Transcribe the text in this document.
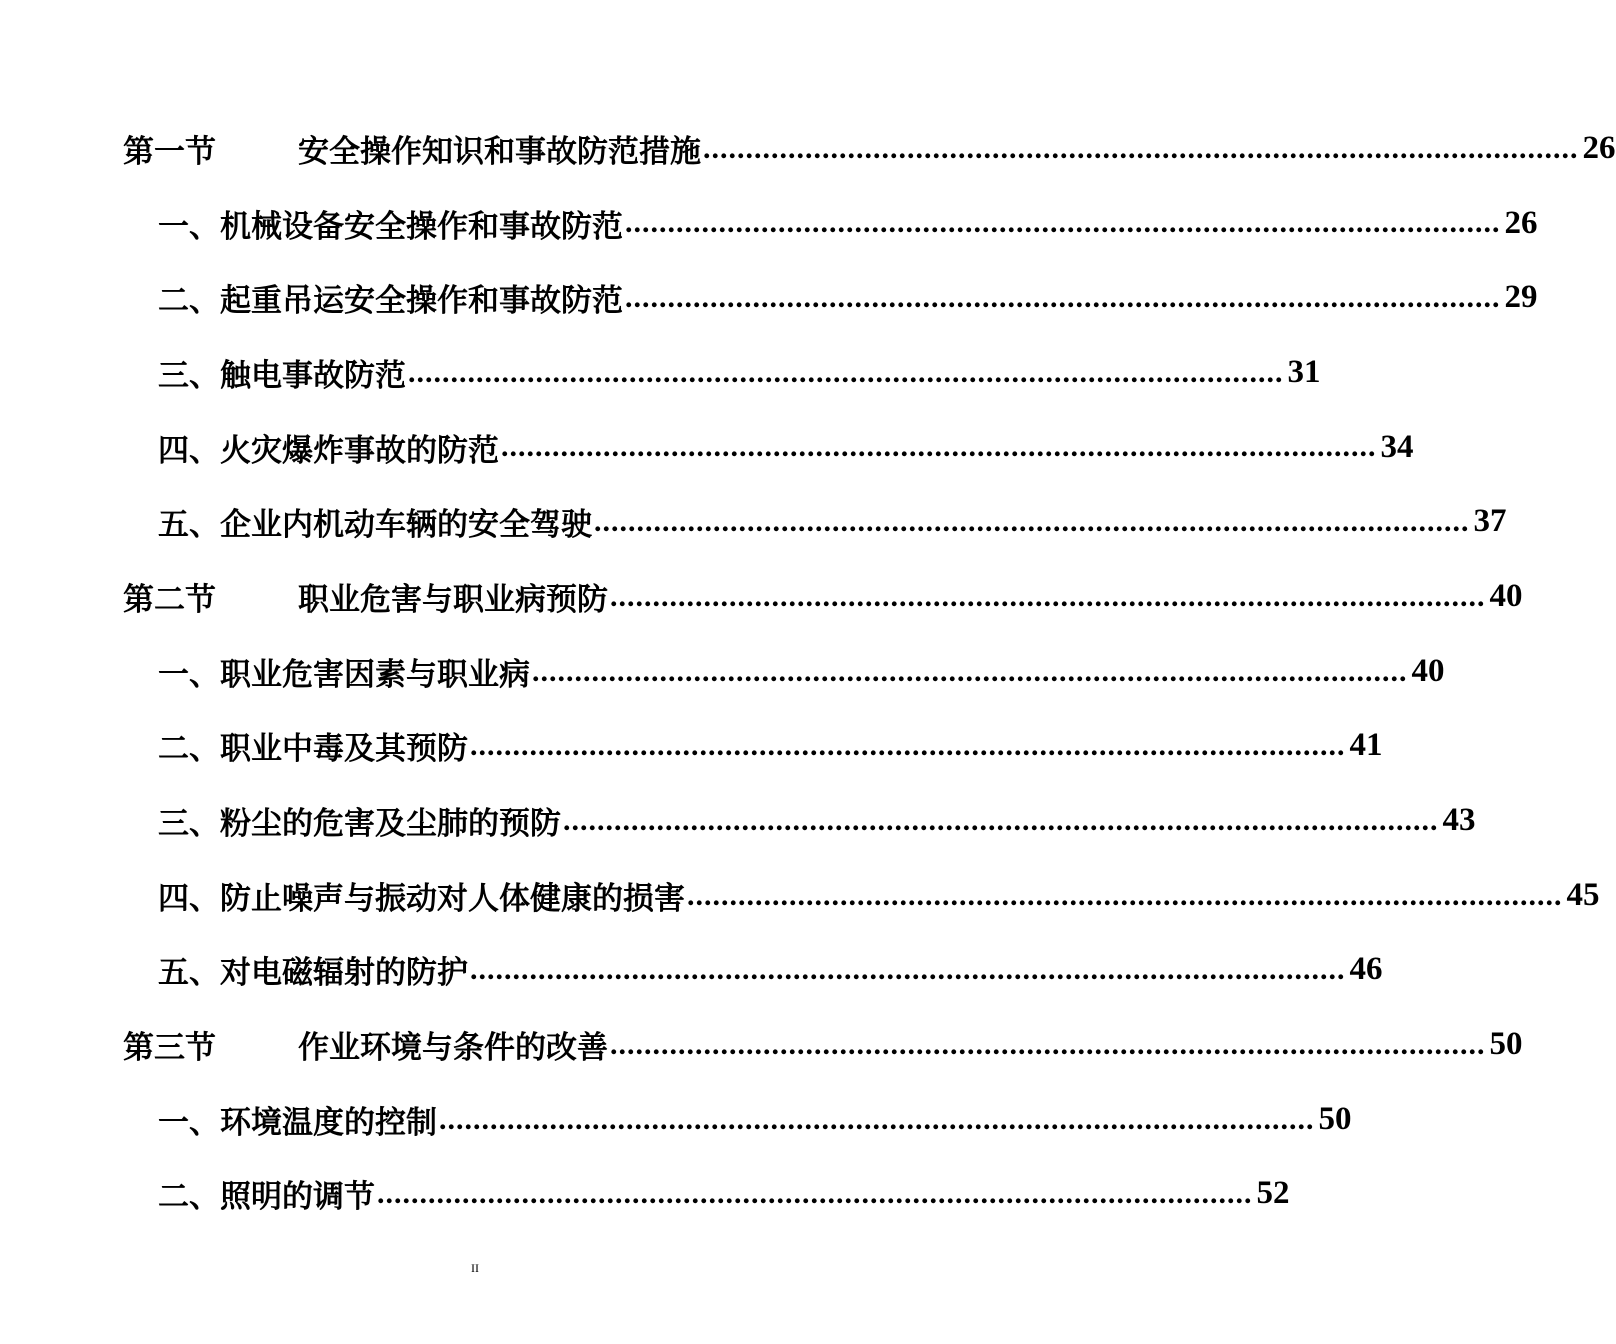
第一节	安全操作知识和事故防范措施 ....................................................................................................... 26
一、机械设备安全操作和事故防范 ....................................................................................................... 26
二、起重吊运安全操作和事故防范 ....................................................................................................... 29
三、触电事故防范 ....................................................................................................... 31
四、火灾爆炸事故的防范 ....................................................................................................... 34
五、企业内机动车辆的安全驾驶 ....................................................................................................... 37
第二节	职业危害与职业病预防 ....................................................................................................... 40
一、职业危害因素与职业病 ....................................................................................................... 40
二、职业中毒及其预防 ....................................................................................................... 41
三、粉尘的危害及尘肺的预防 ....................................................................................................... 43
四、防止噪声与振动对人体健康的损害 ....................................................................................................... 45
五、对电磁辐射的防护 ....................................................................................................... 46
第三节	作业环境与条件的改善 ....................................................................................................... 50
一、环境温度的控制 ....................................................................................................... 50
二、照明的调节 ....................................................................................................... 52
II
